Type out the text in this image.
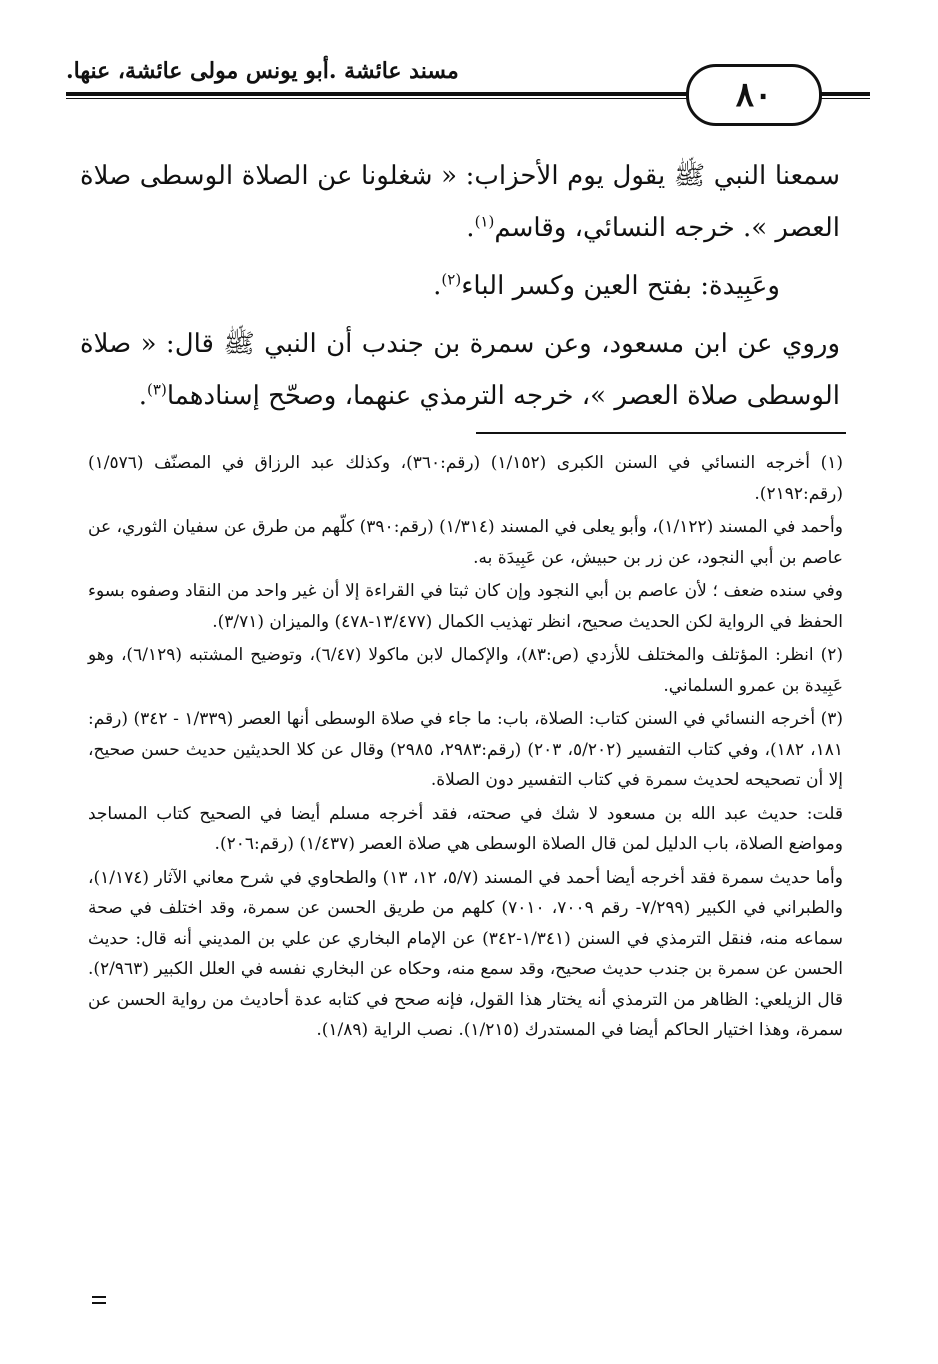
مسند عائشة .أبو يونس مولى عائشة، عنها.
٨٠

سمعنا النبي ﷺ يقول يوم الأحزاب: « شغلونا عن الصلاة الوسطى صلاة العصر ». خرجه النسائي، وقاسم$^{(١)}$.

وعَبِيدة: بفتح العين وكسر الباء$^{(٢)}$.

وروي عن ابن مسعود، وعن سمرة بن جندب أن النبي ﷺ قال: « صلاة الوسطى صلاة العصر »، خرجه الترمذي عنهما، وصحّح إسنادهما$^{(٣)}$.

(١) أخرجه النسائي في السنن الكبرى (١/١٥٢) (رقم:٣٦٠)، وكذلك عبد الرزاق في المصنّف (١/٥٧٦) (رقم:٢١٩٢).

وأحمد في المسند (١/١٢٢)، وأبو يعلى في المسند (١/٣١٤) (رقم:٣٩٠) كلّهم من طرق عن سفيان الثوري، عن عاصم بن أبي النجود، عن زر بن حبيش، عن عَبِيدَة به.

وفي سنده ضعف ؛ لأن عاصم بن أبي النجود وإن كان ثبتا في القراءة إلا أن غير واحد من النقاد وصفوه بسوء الحفظ في الرواية لكن الحديث صحيح، انظر تهذيب الكمال (١٣/٤٧٧-٤٧٨) والميزان (٣/٧١).

(٢) انظر: المؤتلف والمختلف للأزدي (ص:٨٣)، والإكمال لابن ماكولا (٦/٤٧)، وتوضيح المشتبه (٦/١٢٩)، وهو عَبِيدة بن عمرو السلماني.

(٣) أخرجه النسائي في السنن كتاب: الصلاة، باب: ما جاء في صلاة الوسطى أنها العصر (١/٣٣٩ - ٣٤٢) (رقم: ١٨١، ١٨٢)، وفي كتاب التفسير (٥/٢٠٢، ٢٠٣) (رقم:٢٩٨٣، ٢٩٨٥) وقال عن كلا الحديثين حديث حسن صحيح، إلا أن تصحيحه لحديث سمرة في كتاب التفسير دون الصلاة.

قلت: حديث عبد الله بن مسعود لا شك في صحته، فقد أخرجه مسلم أيضا في الصحيح كتاب المساجد ومواضع الصلاة، باب الدليل لمن قال الصلاة الوسطى هي صلاة العصر (١/٤٣٧) (رقم:٢٠٦).

وأما حديث سمرة فقد أخرجه أيضا أحمد في المسند (٥/٧، ١٢، ١٣) والطحاوي في شرح معاني الآثار (١/١٧٤)، والطبراني في الكبير (٧/٢٩٩- رقم ٧٠٠٩، ٧٠١٠) كلهم من طريق الحسن عن سمرة، وقد اختلف في صحة سماعه منه، فنقل الترمذي في السنن (١/٣٤١-٣٤٢) عن الإمام البخاري عن علي بن المديني أنه قال: حديث الحسن عن سمرة بن جندب حديث صحيح، وقد سمع منه، وحكاه عن البخاري نفسه في العلل الكبير (٢/٩٦٣). قال الزيلعي: الظاهر من الترمذي أنه يختار هذا القول، فإنه صحح في كتابه عدة أحاديث من رواية الحسن عن سمرة، وهذا اختيار الحاكم أيضا في المستدرك (١/٢١٥). نصب الراية (١/٨٩).
